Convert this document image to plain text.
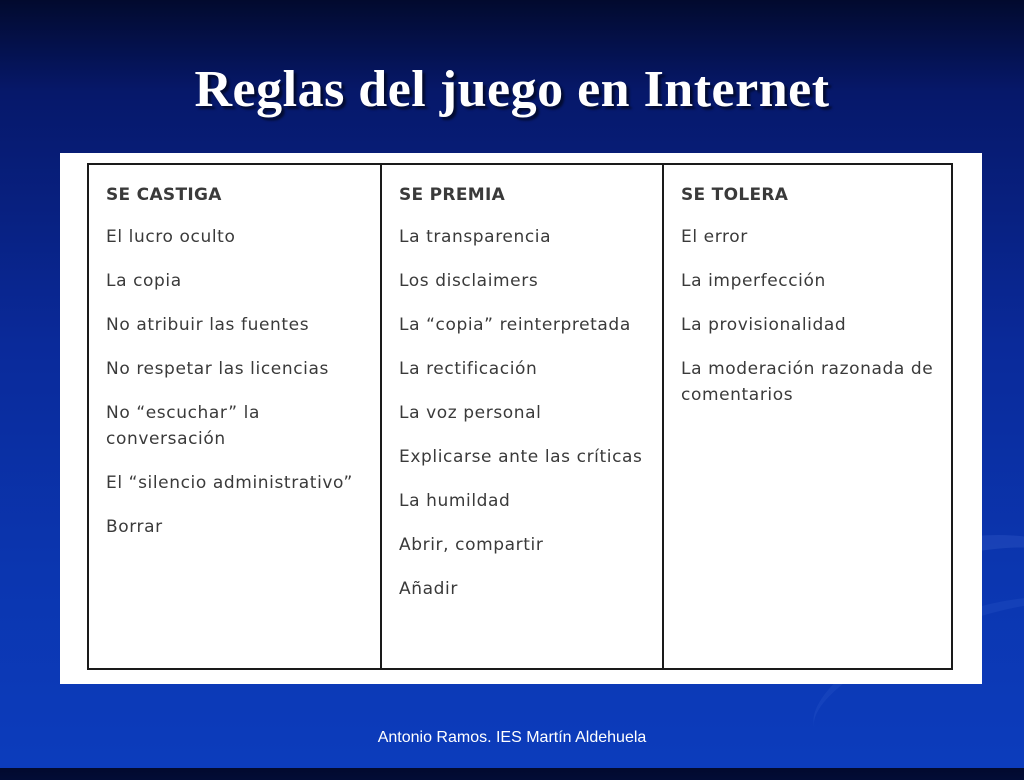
Reglas del juego en Internet
SE CASTIGA
El lucro oculto
La copia
No atribuir las fuentes
No respetar las licencias
No “escuchar” la conversación
El “silencio administrativo”
Borrar
SE PREMIA
La transparencia
Los disclaimers
La “copia” reinterpretada
La rectificación
La voz personal
Explicarse ante las críticas
La humildad
Abrir, compartir
Añadir
SE TOLERA
El error
La imperfección
La provisionalidad
La moderación razonada de comentarios
Antonio Ramos. IES Martín Aldehuela
